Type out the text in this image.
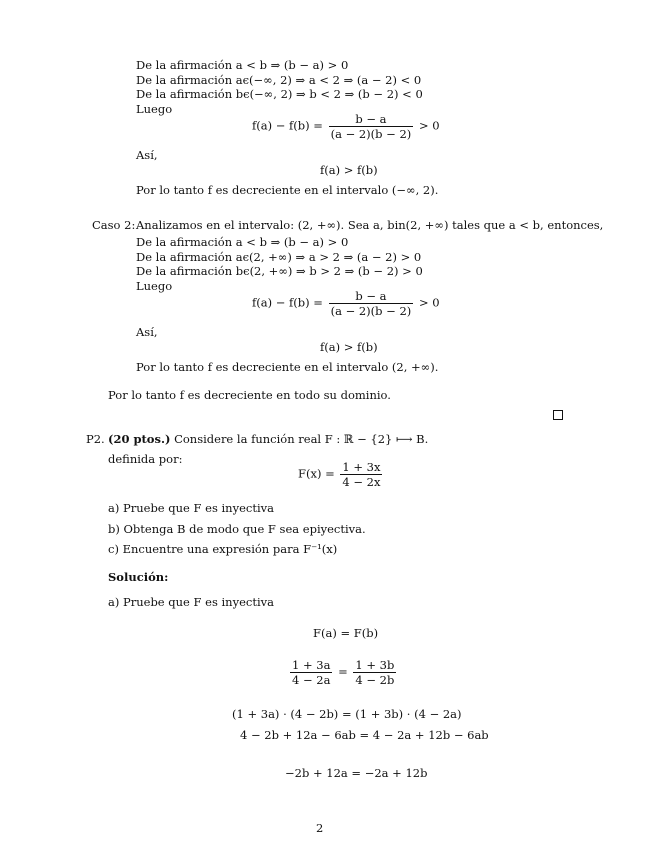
De la afirmación a < b ⇒ (b − a) > 0
De la afirmación aϵ(−∞, 2) ⇒ a < 2 ⇒ (a − 2) < 0
De la afirmación bϵ(−∞, 2) ⇒ b < 2 ⇒ (b − 2) < 0
Luego
$f(a) - f(b) = \frac{b - a}{(a - 2)(b - 2)} > 0$
Así,
f(a) > f(b)
Por lo tanto f es decreciente en el intervalo (−∞, 2).
Caso 2: Analizamos en el intervalo: (2, +∞). Sea a, bin(2, +∞) tales que a < b, entonces,
De la afirmación a < b ⇒ (b − a) > 0
De la afirmación aϵ(2, +∞) ⇒ a > 2 ⇒ (a − 2) > 0
De la afirmación bϵ(2, +∞) ⇒ b > 2 ⇒ (b − 2) > 0
Luego
$f(a) - f(b) = \frac{b - a}{(a - 2)(b - 2)} > 0$
Así,
f(a) > f(b)
Por lo tanto f es decreciente en el intervalo (2, +∞).
Por lo tanto f es decreciente en todo su dominio.
P2. (20 ptos.) Considere la función real F : ℝ − {2} ⟼ B.
definida por:
$F(x) = \frac{1 + 3x}{4 - 2x}$
a) Pruebe que F es inyectiva
b) Obtenga B de modo que F sea epiyectiva.
c) Encuentre una expresión para F⁻¹(x)
Solución:
a) Pruebe que F es inyectiva
F(a) = F(b)
$\frac{1 + 3a}{4 - 2a} = \frac{1 + 3b}{4 - 2b}$
(1 + 3a) · (4 − 2b) = (1 + 3b) · (4 − 2a)
4 − 2b + 12a − 6ab = 4 − 2a + 12b − 6ab
−2b + 12a = −2a + 12b
2
